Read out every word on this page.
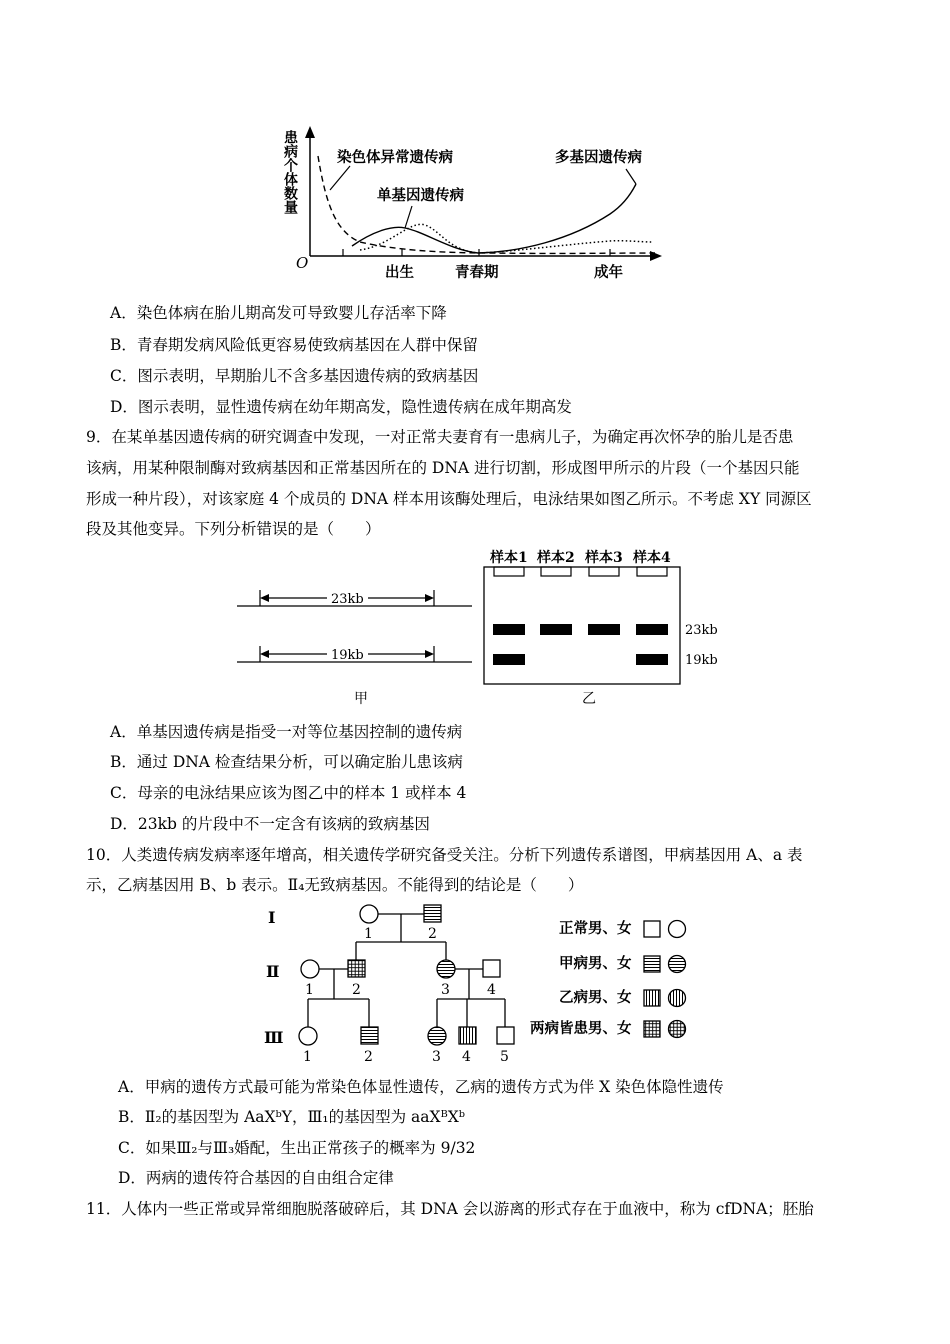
患病个体数量
O
染色体异常遗传病
单基因遗传病
多基因遗传病
出生	青春期	成年
A．染色体病在胎儿期高发可导致婴儿存活率下降
B．青春期发病风险低更容易使致病基因在人群中保留
C．图示表明，早期胎儿不含多基因遗传病的致病基因
D．图示表明，显性遗传病在幼年期高发，隐性遗传病在成年期高发
9．在某单基因遗传病的研究调查中发现，一对正常夫妻育有一患病儿子，为确定再次怀孕的胎儿是否患
该病，用某种限制酶对致病基因和正常基因所在的 DNA 进行切割，形成图甲所示的片段（一个基因只能
形成一种片段），对该家庭 4 个成员的 DNA 样本用该酶处理后，电泳结果如图乙所示。不考虑 XY 同源区
段及其他变异。下列分析错误的是（　　）
23kb
19kb
甲
样本1 样本2 样本3 样本4
23kb
19kb
乙
A．单基因遗传病是指受一对等位基因控制的遗传病
B．通过 DNA 检查结果分析，可以确定胎儿患该病
C．母亲的电泳结果应该为图乙中的样本 1 或样本 4
D．23kb 的片段中不一定含有该病的致病基因
10．人类遗传病发病率逐年增高，相关遗传学研究备受关注。分析下列遗传系谱图，甲病基因用 A、a 表
示，乙病基因用 B、b 表示。Ⅱ₄无致病基因。不能得到的结论是（　　）
Ⅰ
Ⅱ
Ⅲ
1	2
1	2	3	4
1	2	3 4 5
正常男、女
甲病男、女
乙病男、女
两病皆患男、女
A．甲病的遗传方式最可能为常染色体显性遗传，乙病的遗传方式为伴 X 染色体隐性遗传
B．Ⅱ₂的基因型为 AaXᵇY，Ⅲ₁的基因型为 aaXᴮXᵇ
C．如果Ⅲ₂与Ⅲ₃婚配，生出正常孩子的概率为 9/32
D．两病的遗传符合基因的自由组合定律
11．人体内一些正常或异常细胞脱落破碎后，其 DNA 会以游离的形式存在于血液中，称为 cfDNA；胚胎
